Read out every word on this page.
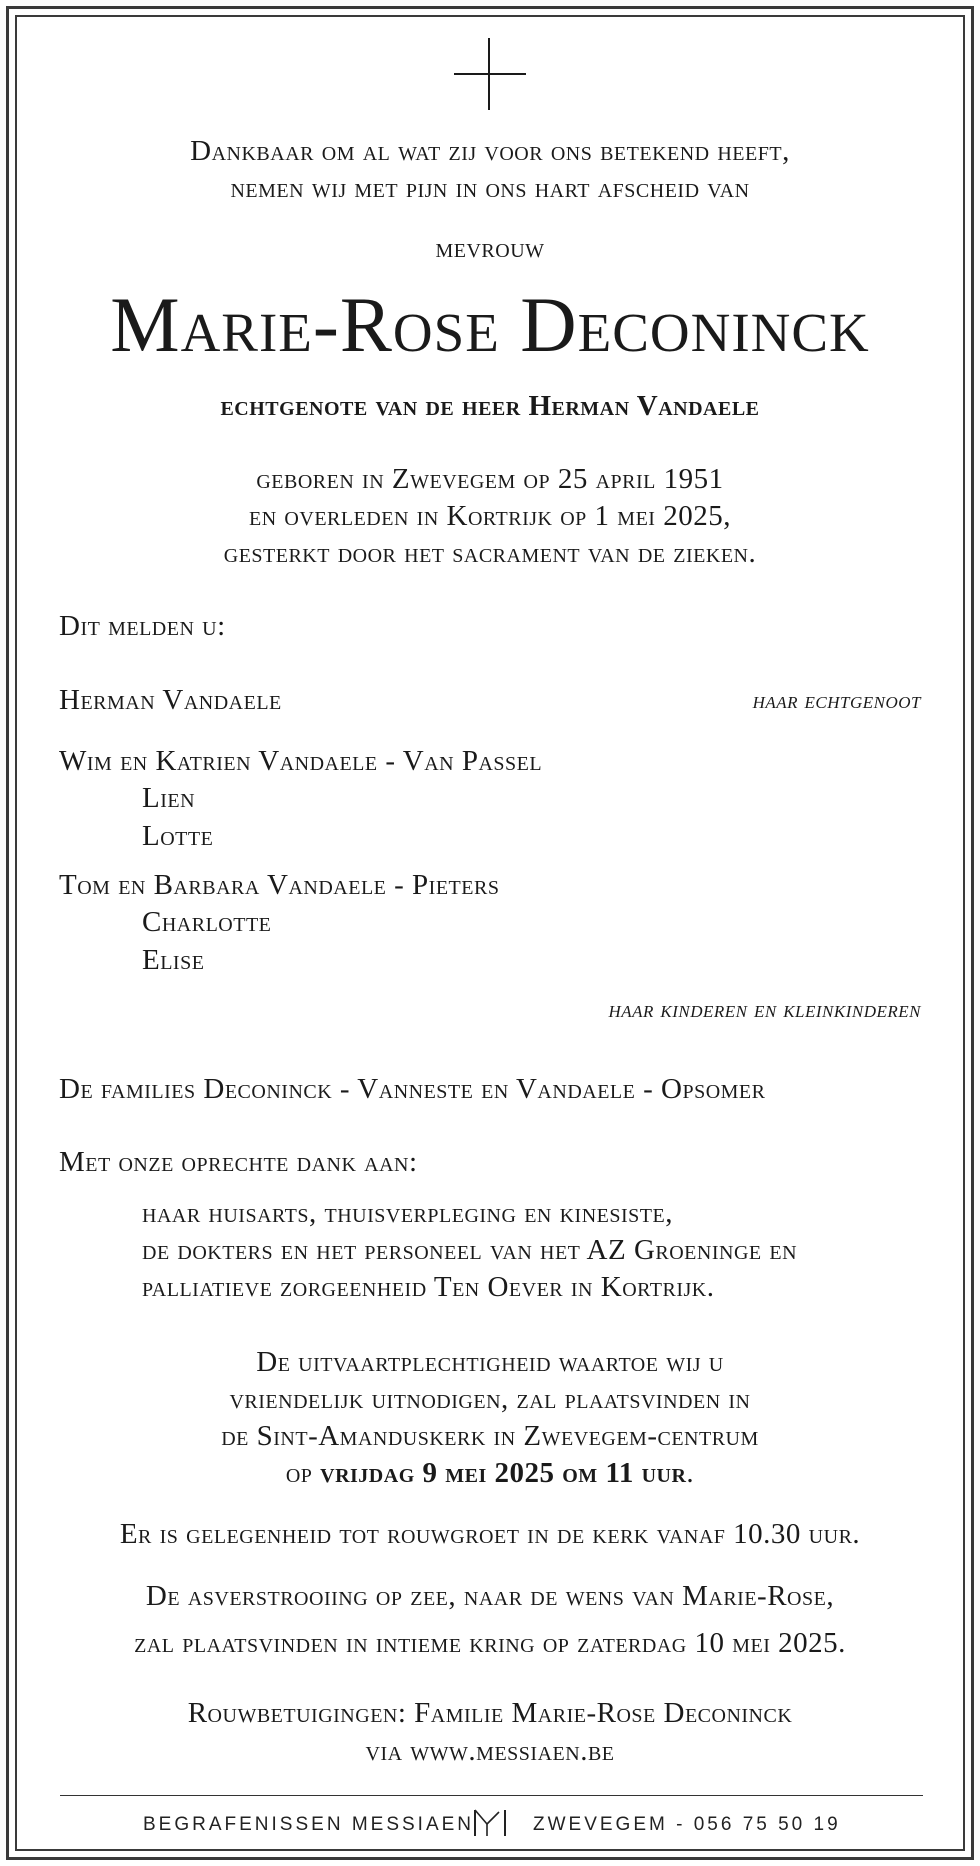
Dankbaar om al wat zij voor ons betekend heeft,
nemen wij met pijn in ons hart afscheid van
mevrouw
Marie-Rose Deconinck
echtgenote van de heer Herman Vandaele
geboren in Zwevegem op 25 april 1951
en overleden in Kortrijk op 1 mei 2025,
gesterkt door het sacrament van de zieken.
Dit melden u:
Herman Vandaele	haar echtgenoot
Wim en Katrien Vandaele - Van Passel
Lien
Lotte
Tom en Barbara Vandaele - Pieters
Charlotte
Elise
haar kinderen en kleinkinderen
De families Deconinck - Vanneste en Vandaele - Opsomer
Met onze oprechte dank aan:
haar huisarts, thuisverpleging en kinesiste,
de dokters en het personeel van het AZ Groeninge en
palliatieve zorgeenheid Ten Oever in Kortrijk.
De uitvaartplechtigheid waartoe wij u
vriendelijk uitnodigen, zal plaatsvinden in
de Sint-Amanduskerk in Zwevegem-centrum
op vrijdag 9 mei 2025 om 11 uur.
Er is gelegenheid tot rouwgroet in de kerk vanaf 10.30 uur.
De asverstrooiing op zee, naar de wens van Marie-Rose,
zal plaatsvinden in intieme kring op zaterdag 10 mei 2025.
Rouwbetuigingen: Familie Marie-Rose Deconinck
via www.messiaen.be
BEGRAFENISSEN MESSIAEN	ZWEVEGEM - 056 75 50 19
